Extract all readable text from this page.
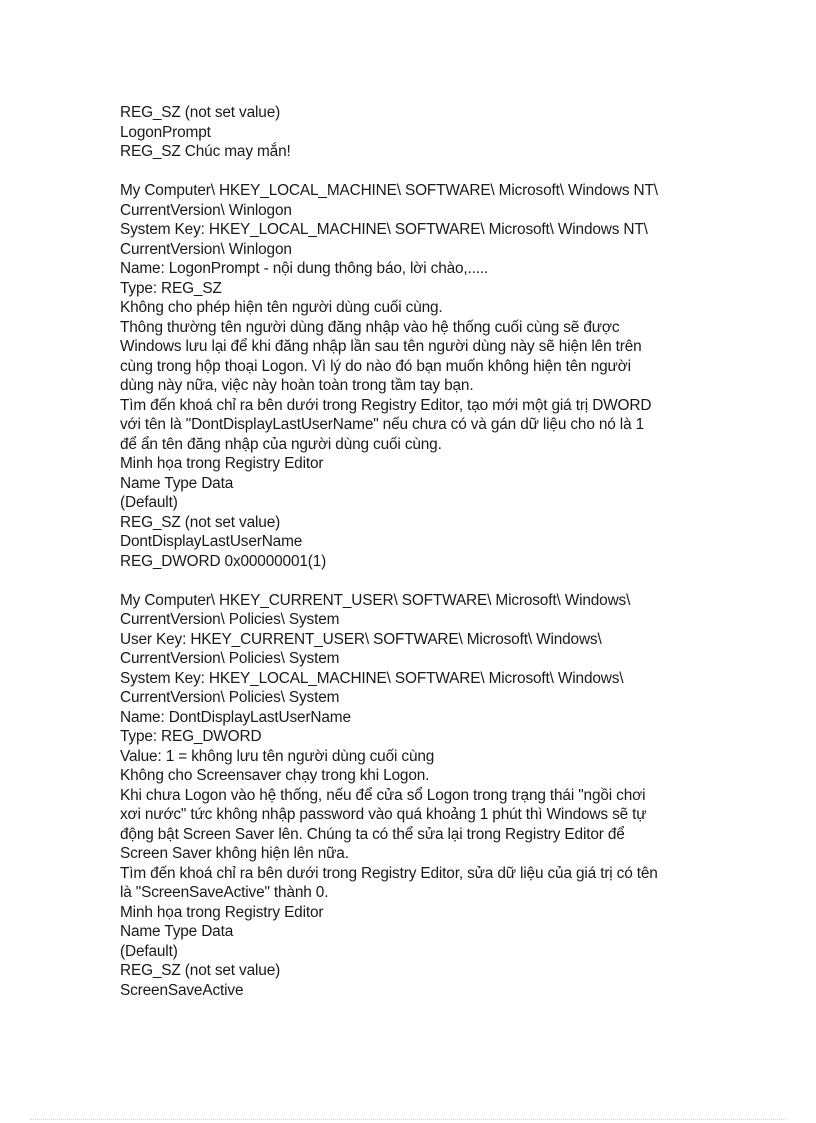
REG_SZ (not set value)
LogonPrompt
REG_SZ Chúc may mắn!
My Computer\ HKEY_LOCAL_MACHINE\ SOFTWARE\ Microsoft\ Windows NT\
CurrentVersion\ Winlogon
System Key: HKEY_LOCAL_MACHINE\ SOFTWARE\ Microsoft\ Windows NT\
CurrentVersion\ Winlogon
Name: LogonPrompt - nội dung thông báo, lời chào,.....
Type: REG_SZ
Không cho phép hiện tên người dùng cuối cùng.
Thông thường tên người dùng đăng nhập vào hệ thống cuối cùng sẽ được
Windows lưu lại để khi đăng nhập lần sau tên người dùng này sẽ hiện lên trên
cùng trong hộp thoại Logon. Vì lý do nào đó bạn muốn không hiện tên người
dùng này nữa, việc này hoàn toàn trong tầm tay bạn.
Tìm đến khoá chỉ ra bên dưới trong Registry Editor, tạo mới một giá trị DWORD
với tên là "DontDisplayLastUserName" nếu chưa có và gán dữ liệu cho nó là 1
để ẩn tên đăng nhập của người dùng cuối cùng.
Minh họa trong Registry Editor
Name Type Data
(Default)
REG_SZ (not set value)
DontDisplayLastUserName
REG_DWORD 0x00000001(1)
My Computer\ HKEY_CURRENT_USER\ SOFTWARE\ Microsoft\ Windows\
CurrentVersion\ Policies\ System
User Key: HKEY_CURRENT_USER\ SOFTWARE\ Microsoft\ Windows\
CurrentVersion\ Policies\ System
System Key: HKEY_LOCAL_MACHINE\ SOFTWARE\ Microsoft\ Windows\
CurrentVersion\ Policies\ System
Name: DontDisplayLastUserName
Type: REG_DWORD
Value: 1 = không lưu tên người dùng cuối cùng
Không cho Screensaver chạy trong khi Logon.
Khi chưa Logon vào hệ thống, nếu để cửa sổ Logon trong trạng thái "ngồi chơi
xơi nước" tức không nhập password vào quá khoảng 1 phút thì Windows sẽ tự
động bật Screen Saver lên. Chúng ta có thể sửa lại trong Registry Editor để
Screen Saver không hiện lên nữa.
Tìm đến khoá chỉ ra bên dưới trong Registry Editor, sửa dữ liệu của giá trị có tên
là "ScreenSaveActive" thành 0.
Minh họa trong Registry Editor
Name Type Data
(Default)
REG_SZ (not set value)
ScreenSaveActive
